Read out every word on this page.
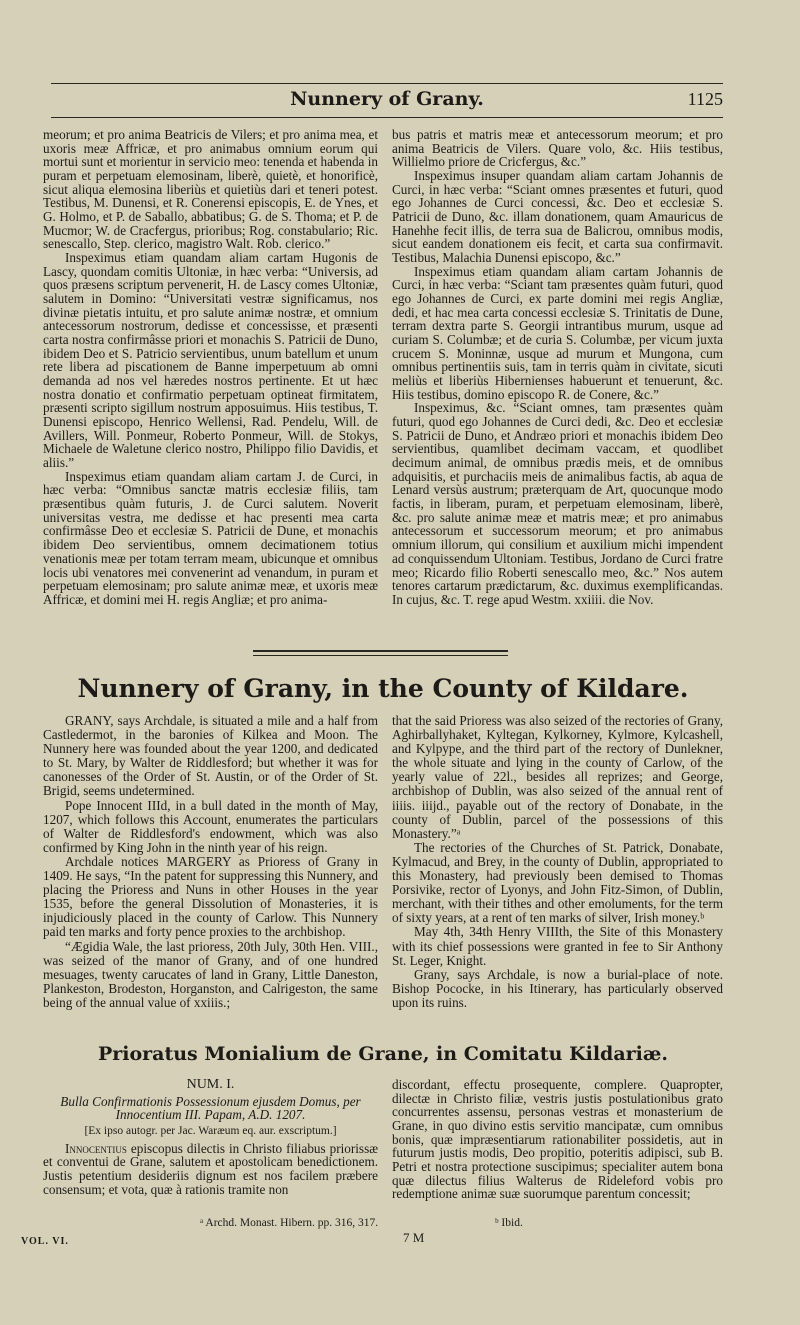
Nunnery of Grany.	1125

meorum; et pro anima Beatricis de Vilers; et pro anima mea, et uxoris meæ Affricæ, et pro animabus omnium eorum qui mortui sunt et morientur in servicio meo: tenenda et habenda in puram et perpetuam elemosinam, liberè, quietè, et honorificè, sicut aliqua elemosina liberiùs et quietiùs dari et teneri potest. Testibus, M. Dunensi, et R. Conerensi episcopis, E. de Ynes, et G. Holmo, et P. de Saballo, abbatibus; G. de S. Thoma; et P. de Mucmor; W. de Cracfergus, prioribus; Rog. constabulario; Ric. senescallo, Step. clerico, magistro Walt. Rob. clerico.”

Inspeximus etiam quandam aliam cartam Hugonis de Lascy, quondam comitis Ultoniæ, in hæc verba: “Universis, ad quos præsens scriptum pervenerit, H. de Lascy comes Ultoniæ, salutem in Domino: “Universitati vestræ significamus, nos divinæ pietatis intuitu, et pro salute animæ nostræ, et omnium antecessorum nostrorum, dedisse et concessisse, et præsenti carta nostra confirmâsse priori et monachis S. Patricii de Duno, ibidem Deo et S. Patricio servientibus, unum batellum et unum rete libera ad piscationem de Banne imperpetuum ab omni demanda ad nos vel hæredes nostros pertinente. Et ut hæc nostra donatio et confirmatio perpetuam optineat firmitatem, præsenti scripto sigillum nostrum apposuimus. Hiis testibus, T. Dunensi episcopo, Henrico Wellensi, Rad. Pendelu, Will. de Avillers, Will. Ponmeur, Roberto Ponmeur, Will. de Stokys, Michaele de Waletune clerico nostro, Philippo filio Davidis, et aliis.”

Inspeximus etiam quandam aliam cartam J. de Curci, in hæc verba: “Omnibus sanctæ matris ecclesiæ filiis, tam præsentibus quàm futuris, J. de Curci salutem. Noverit universitas vestra, me dedisse et hac presenti mea carta confirmâsse Deo et ecclesiæ S. Patricii de Dune, et monachis ibidem Deo servientibus, omnem decimationem totius venationis meæ per totam terram meam, ubicunque et omnibus locis ubi venatores mei convenerint ad venandum, in puram et perpetuam elemosinam; pro salute animæ meæ, et uxoris meæ Affricæ, et domini mei H. regis Angliæ; et pro anima-

bus patris et matris meæ et antecessorum meorum; et pro anima Beatricis de Vilers. Quare volo, &c. Hiis testibus, Willielmo priore de Cricfergus, &c.”

Inspeximus insuper quandam aliam cartam Johannis de Curci, in hæc verba: “Sciant omnes præsentes et futuri, quod ego Johannes de Curci concessi, &c. Deo et ecclesiæ S. Patricii de Duno, &c. illam donationem, quam Amauricus de Hanehhe fecit illis, de terra sua de Balicrou, omnibus modis, sicut eandem donationem eis fecit, et carta sua confirmavit. Testibus, Malachia Dunensi episcopo, &c.”

Inspeximus etiam quandam aliam cartam Johannis de Curci, in hæc verba: “Sciant tam præsentes quàm futuri, quod ego Johannes de Curci, ex parte domini mei regis Angliæ, dedi, et hac mea carta concessi ecclesiæ S. Trinitatis de Dune, terram dextra parte S. Georgii intrantibus murum, usque ad curiam S. Columbæ; et de curia S. Columbæ, per vicum juxta crucem S. Moninnæ, usque ad murum et Mungona, cum omnibus pertinentiis suis, tam in terris quàm in civitate, sicuti meliùs et liberiùs Hibernienses habuerunt et tenuerunt, &c. Hiis testibus, domino episcopo R. de Conere, &c.”

Inspeximus, &c. “Sciant omnes, tam præsentes quàm futuri, quod ego Johannes de Curci dedi, &c. Deo et ecclesiæ S. Patricii de Duno, et Andræo priori et monachis ibidem Deo servientibus, quamlibet decimam vaccam, et quodlibet decimum animal, de omnibus prædis meis, et de omnibus adquisitis, et purchaciis meis de animalibus factis, ab aqua de Lenard versùs austrum; præterquam de Art, quocunque modo factis, in liberam, puram, et perpetuam elemosinam, liberè, &c. pro salute animæ meæ et matris meæ; et pro animabus antecessorum et successorum meorum; et pro animabus omnium illorum, qui consilium et auxilium michi impendent ad conquissendum Ultoniam. Testibus, Jordano de Curci fratre meo; Ricardo filio Roberti senescallo meo, &c.” Nos autem tenores cartarum prædictarum, &c. duximus exemplificandas. In cujus, &c. T. rege apud Westm. xxiiii. die Nov.

Nunnery of Grany, in the County of Kildare.

GRANY, says Archdale, is situated a mile and a half from Castledermot, in the baronies of Kilkea and Moon. The Nunnery here was founded about the year 1200, and dedicated to St. Mary, by Walter de Riddlesford; but whether it was for canonesses of the Order of St. Austin, or of the Order of St. Brigid, seems undetermined.

Pope Innocent IIId, in a bull dated in the month of May, 1207, which follows this Account, enumerates the particulars of Walter de Riddlesford's endowment, which was also confirmed by King John in the ninth year of his reign.

Archdale notices MARGERY as Prioress of Grany in 1409. He says, “In the patent for suppressing this Nunnery, and placing the Prioress and Nuns in other Houses in the year 1535, before the general Dissolution of Monasteries, it is injudiciously placed in the county of Carlow. This Nunnery paid ten marks and forty pence proxies to the archbishop.

“Ægidia Wale, the last prioress, 20th July, 30th Hen. VIII., was seized of the manor of Grany, and of one hundred mesuages, twenty carucates of land in Grany, Little Daneston, Plankeston, Brodeston, Horganston, and Calrigeston, the same being of the annual value of xxiiis.;

that the said Prioress was also seized of the rectories of Grany, Aghirballyhaket, Kyltegan, Kylkorney, Kylmore, Kylcashell, and Kylpype, and the third part of the rectory of Dunlekner, the whole situate and lying in the county of Carlow, of the yearly value of 22l., besides all reprizes; and George, archbishop of Dublin, was also seized of the annual rent of iiiis. iiijd., payable out of the rectory of Donabate, in the county of Dublin, parcel of the possessions of this Monastery.”ᵃ

The rectories of the Churches of St. Patrick, Donabate, Kylmacud, and Brey, in the county of Dublin, appropriated to this Monastery, had previously been demised to Thomas Porsivike, rector of Lyonys, and John Fitz-Simon, of Dublin, merchant, with their tithes and other emoluments, for the term of sixty years, at a rent of ten marks of silver, Irish money.ᵇ

May 4th, 34th Henry VIIIth, the Site of this Monastery with its chief possessions were granted in fee to Sir Anthony St. Leger, Knight.

Grany, says Archdale, is now a burial-place of note. Bishop Pococke, in his Itinerary, has particularly observed upon its ruins.

Prioratus Monialium de Grane, in Comitatu Kildariæ.

NUM. I.

Bulla Confirmationis Possessionum ejusdem Domus, per Innocentium III. Papam, A.D. 1207.

[Ex ipso autogr. per Jac. Waræum eq. aur. exscriptum.]

Innocentius episcopus dilectis in Christo filiabus priorissæ et conventui de Grane, salutem et apostolicam benedictionem. Justis petentium desideriis dignum est nos facilem præbere consensum; et vota, quæ à rationis tramite non

discordant, effectu prosequente, complere. Quapropter, dilectæ in Christo filiæ, vestris justis postulationibus grato concurrentes assensu, personas vestras et monasterium de Grane, in quo divino estis servitio mancipatæ, cum omnibus bonis, quæ impræsentiarum rationabiliter possidetis, aut in futurum justis modis, Deo propitio, poteritis adipisci, sub B. Petri et nostra protectione suscipimus; specialiter autem bona quæ dilectus filius Walterus de Rideleford vobis pro redemptione animæ suæ suorumque parentum concessit;

ᵃ Archd. Monast. Hibern. pp. 316, 317.	ᵇ Ibid.
7 M
VOL. VI.
